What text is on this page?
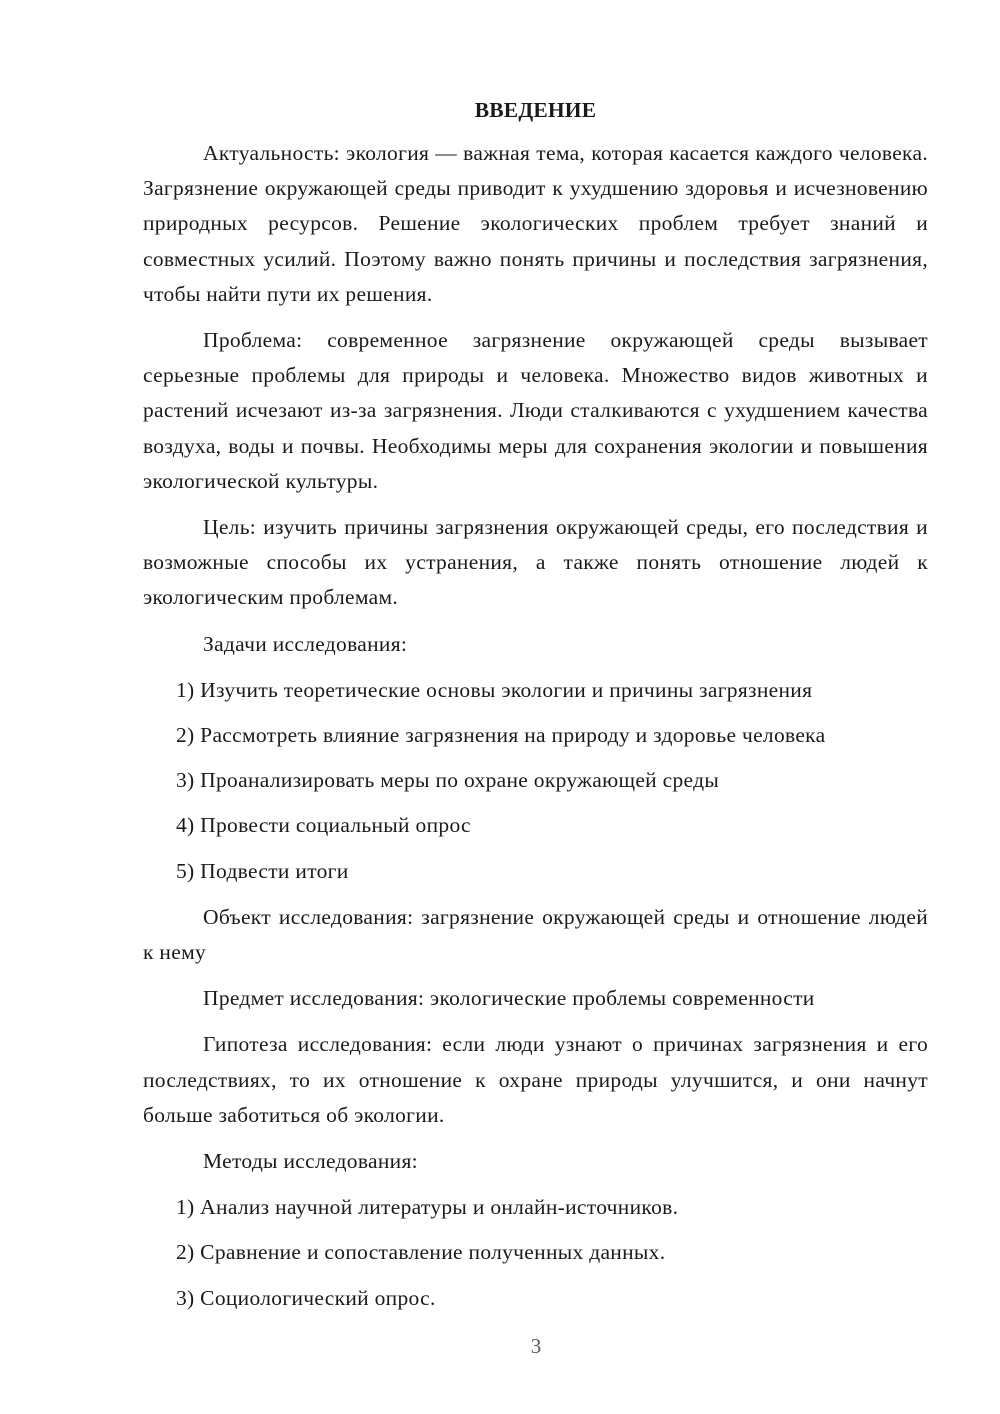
ВВЕДЕНИЕ

Актуальность: экология — важная тема, которая касается каждого человека. Загрязнение окружающей среды приводит к ухудшению здоровья и исчезновению природных ресурсов. Решение экологических проблем требует знаний и совместных усилий. Поэтому важно понять причины и последствия загрязнения, чтобы найти пути их решения.

Проблема: современное загрязнение окружающей среды вызывает серьезные проблемы для природы и человека. Множество видов животных и растений исчезают из-за загрязнения. Люди сталкиваются с ухудшением качества воздуха, воды и почвы. Необходимы меры для сохранения экологии и повышения экологической культуры.

Цель: изучить причины загрязнения окружающей среды, его последствия и возможные способы их устранения, а также понять отношение людей к экологическим проблемам.

Задачи исследования:

1) Изучить теоретические основы экологии и причины загрязнения
2) Рассмотреть влияние загрязнения на природу и здоровье человека
3) Проанализировать меры по охране окружающей среды
4) Провести социальный опрос
5) Подвести итоги

Объект исследования: загрязнение окружающей среды и отношение людей к нему

Предмет исследования: экологические проблемы современности

Гипотеза исследования: если люди узнают о причинах загрязнения и его последствиях, то их отношение к охране природы улучшится, и они начнут больше заботиться об экологии.

Методы исследования:

1) Анализ научной литературы и онлайн-источников.
2) Сравнение и сопоставление полученных данных.
3) Социологический опрос.
3
